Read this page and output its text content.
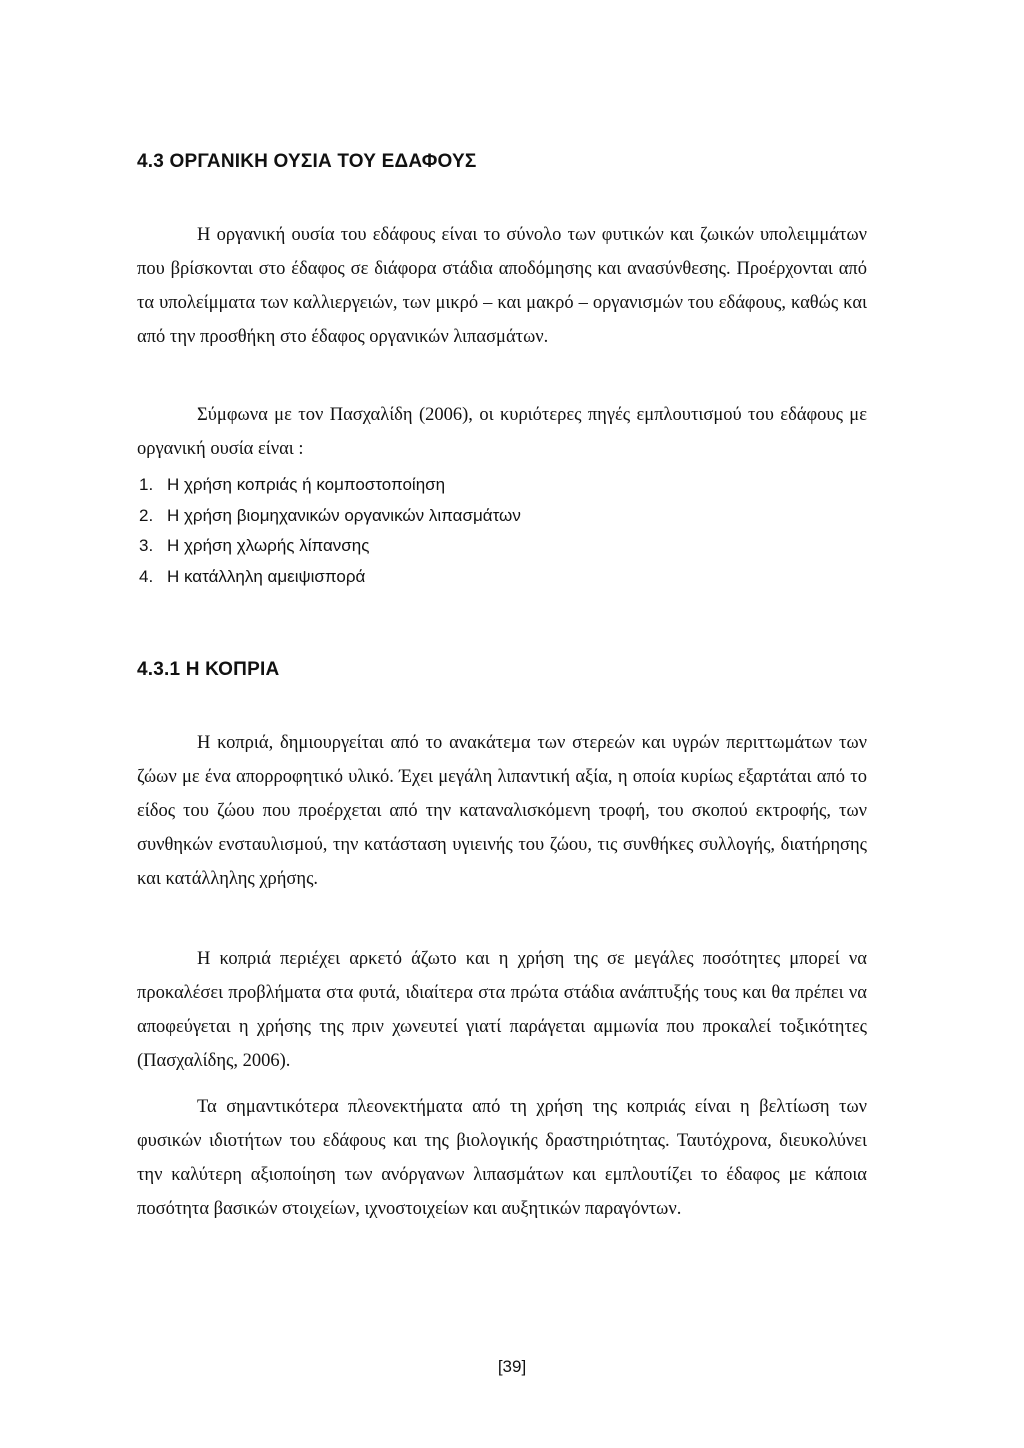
4.3 ΟΡΓΑΝΙΚΗ ΟΥΣΙΑ ΤΟΥ ΕΔΑΦΟΥΣ

Η οργανική ουσία του εδάφους είναι το σύνολο των φυτικών και ζωικών υπολειμμάτων που βρίσκονται στο έδαφος σε διάφορα στάδια αποδόμησης και ανασύνθεσης. Προέρχονται από τα υπολείμματα των καλλιεργειών, των μικρό – και μακρό – οργανισμών του εδάφους, καθώς και από την προσθήκη στο έδαφος οργανικών λιπασμάτων.

Σύμφωνα με τον Πασχαλίδη (2006), οι κυριότερες πηγές εμπλουτισμού του εδάφους με οργανική ουσία είναι :

1. Η χρήση κοπριάς ή κομποστοποίηση
2. Η χρήση βιομηχανικών οργανικών λιπασμάτων
3. Η χρήση χλωρής λίπανσης
4. Η κατάλληλη αμειψισπορά
4.3.1 Η ΚΟΠΡΙΑ

Η κοπριά, δημιουργείται από το ανακάτεμα των στερεών και υγρών περιττωμάτων των ζώων με ένα απορροφητικό υλικό. Έχει μεγάλη λιπαντική αξία, η οποία κυρίως εξαρτάται από το είδος του ζώου που προέρχεται από την καταναλισκόμενη τροφή, του σκοπού εκτροφής, των συνθηκών ενσταυλισμού, την κατάσταση υγιεινής του ζώου, τις συνθήκες συλλογής, διατήρησης και κατάλληλης χρήσης.

Η κοπριά περιέχει αρκετό άζωτο και η χρήση της σε μεγάλες ποσότητες μπορεί να προκαλέσει προβλήματα στα φυτά, ιδιαίτερα στα πρώτα στάδια ανάπτυξής τους και θα πρέπει να αποφεύγεται η χρήσης της πριν χωνευτεί γιατί παράγεται αμμωνία που προκαλεί τοξικότητες (Πασχαλίδης, 2006).

Τα σημαντικότερα πλεονεκτήματα από τη χρήση της κοπριάς είναι η βελτίωση των φυσικών ιδιοτήτων του εδάφους και της βιολογικής δραστηριότητας. Ταυτόχρονα, διευκολύνει την καλύτερη αξιοποίηση των ανόργανων λιπασμάτων και εμπλουτίζει το έδαφος με κάποια ποσότητα βασικών στοιχείων, ιχνοστοιχείων και αυξητικών παραγόντων.

[39]
